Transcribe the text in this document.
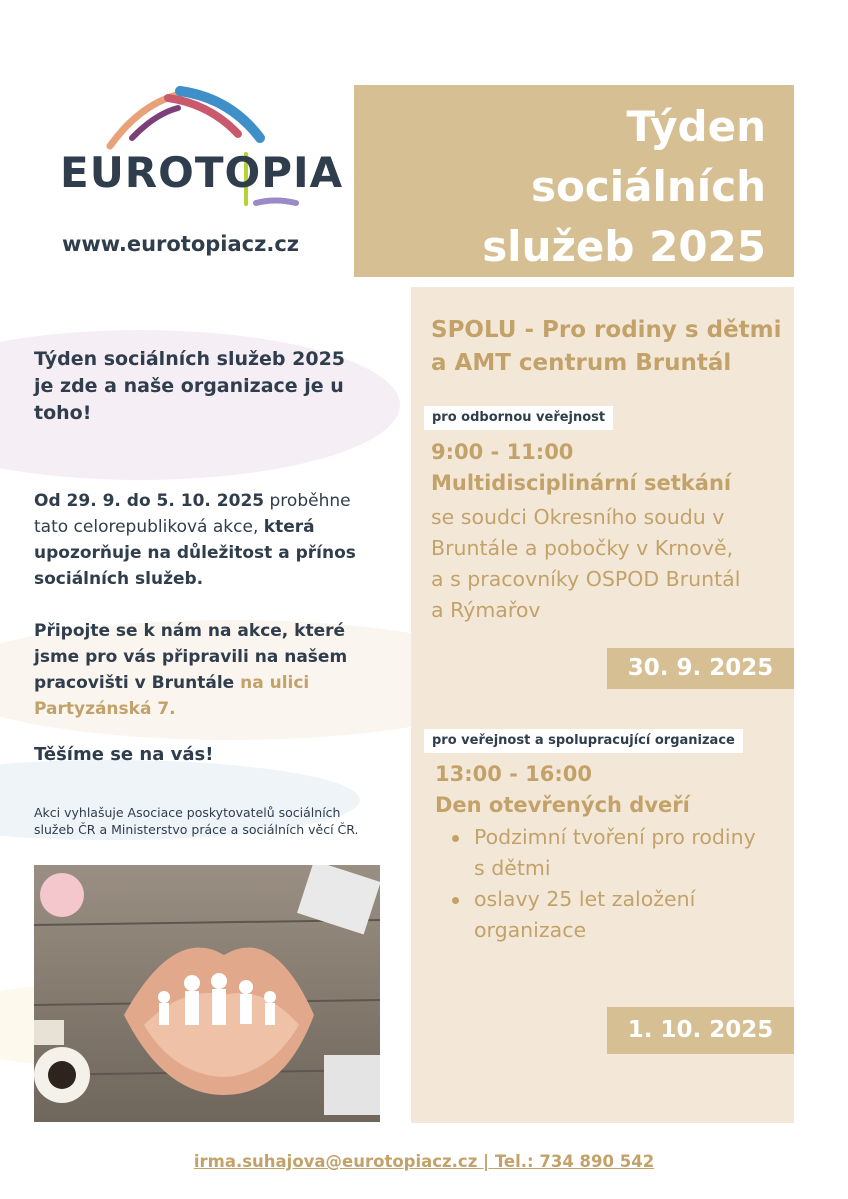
EUROTOPIA
www.eurotopiacz.cz
Týden
sociálních
služeb 2025
SPOLU - Pro rodiny s dětmi a AMT centrum Bruntál
pro odbornou veřejnost
9:00 - 11:00
Multidisciplinární setkání
se soudci Okresního soudu v
Bruntále a pobočky v Krnově,
a s pracovníky OSPOD Bruntál
a Rýmařov
30. 9. 2025
pro veřejnost a spolupracující organizace
13:00 - 16:00
Den otevřených dveří
Podzimní tvoření pro rodiny s dětmi
oslavy 25 let založení organizace
1. 10. 2025
Týden sociálních služeb 2025 je zde a naše organizace je u toho!
Od 29. 9. do 5. 10. 2025 proběhne tato celorepubliková akce, která upozorňuje na důležitost a přínos sociálních služeb.
Připojte se k nám na akce, které jsme pro vás připravili na našem pracovišti v Bruntále na ulici Partyzánská 7.
Těšíme se na vás!
Akci vyhlašuje Asociace poskytovatelů sociálních služeb ČR a Ministerstvo práce a sociálních věcí ČR.
irma.suhajova@eurotopiacz.cz | Tel.: 734 890 542
